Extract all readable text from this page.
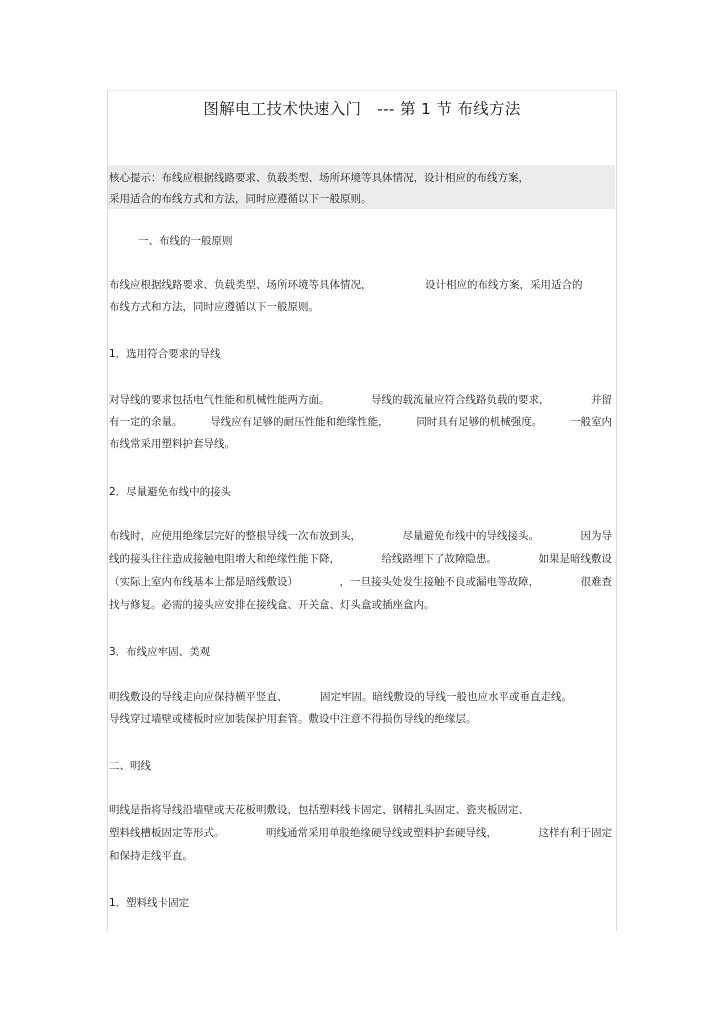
图解电工技术快速入门　--- 第 1 节 布线方法
核心提示：布线应根据线路要求、负载类型、场所环境等具体情况，设计相应的布线方案，
采用适合的布线方式和方法，同时应遵循以下一般原则。
一、布线的一般原则
布线应根据线路要求、负载类型、场所环境等具体情况，	设计相应的布线方案，采用适合的
布线方式和方法，同时应遵循以下一般原则。
1．选用符合要求的导线
对导线的要求包括电气性能和机械性能两方面。	导线的载流量应符合线路负载的要求，	并留
有一定的余量。	导线应有足够的耐压性能和绝缘性能，	同时具有足够的机械强度。	一般室内
布线常采用塑料护套导线。
2．尽量避免布线中的接头
布线时，应使用绝缘层完好的整根导线一次布放到头，	尽量避免布线中的导线接头。	因为导
线的接头往往造成接触电阻增大和绝缘性能下降，	给线路埋下了故障隐患。	如果是暗线敷设
（实际上室内布线基本上都是暗线敷设）	，一旦接头处发生接触不良或漏电等故障，	很难查
找与修复。必需的接头应安排在接线盒、开关盒、灯头盒或插座盒内。
3．布线应牢固、美观
明线敷设的导线走向应保持横平竖直、	固定牢固。暗线敷设的导线一般也应水平或垂直走线。
导线穿过墙壁或楼板时应加装保护用套管。敷设中注意不得损伤导线的绝缘层。
二、明线
明线是指将导线沿墙壁或天花板明敷设，包括塑料线卡固定、钢精扎头固定、瓷夹板固定、
塑料线槽板固定等形式。	明线通常采用单股绝缘硬导线或塑料护套硬导线，	这样有利于固定
和保持走线平直。
1．塑料线卡固定
